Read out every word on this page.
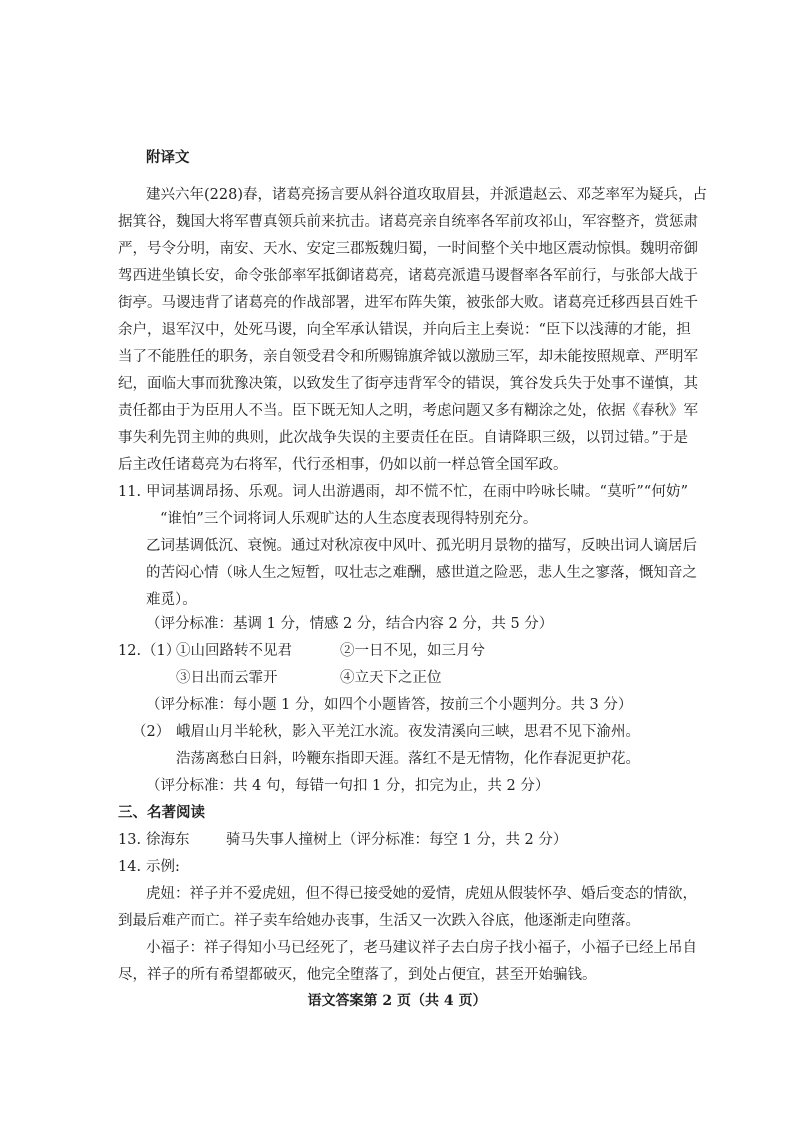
附译文
建兴六年(228)春，诸葛亮扬言要从斜谷道攻取眉县，并派遣赵云、邓芝率军为疑兵，占
据箕谷，魏国大将军曹真领兵前来抗击。诸葛亮亲自统率各军前攻祁山，军容整齐，赏惩肃
严，号令分明，南安、天水、安定三郡叛魏归蜀，一时间整个关中地区震动惊惧。魏明帝御
驾西进坐镇长安，命令张郃率军抵御诸葛亮，诸葛亮派遣马谡督率各军前行，与张郃大战于
街亭。马谡违背了诸葛亮的作战部署，进军布阵失策，被张郃大败。诸葛亮迁移西县百姓千
余户，退军汉中，处死马谡，向全军承认错误，并向后主上奏说：“臣下以浅薄的才能，担
当了不能胜任的职务，亲自领受君令和所赐锦旗斧钺以激励三军，却未能按照规章、严明军
纪，面临大事而犹豫决策，以致发生了街亭违背军令的错误，箕谷发兵失于处事不谨慎，其
责任都由于为臣用人不当。臣下既无知人之明，考虑问题又多有糊涂之处，依据《春秋》军
事失利先罚主帅的典则，此次战争失误的主要责任在臣。自请降职三级，以罚过错。”于是
后主改任诸葛亮为右将军，代行丞相事，仍如以前一样总管全国军政。
11. 甲词基调昂扬、乐观。词人出游遇雨，却不慌不忙，在雨中吟咏长啸。“莫听”“何妨”
“谁怕”三个词将词人乐观旷达的人生态度表现得特别充分。
乙词基调低沉、衰惋。通过对秋凉夜中风叶、孤光明月景物的描写，反映出词人谪居后
的苦闷心情（咏人生之短暂，叹壮志之难酬，感世道之险恶，悲人生之寥落，慨知音之
难觅）。
（评分标准：基调 1 分，情感 2 分，结合内容 2 分，共 5 分）
12. （1）
①山回路转不见君	②一日不见，如三月兮
③日出而云霏开	④立天下之正位
（评分标准：每小题 1 分，如四个小题皆答，按前三个小题判分。共 3 分）
（2） 峨眉山月半轮秋，影入平羌江水流。夜发清溪向三峡，思君不见下渝州。
浩荡离愁白日斜，吟鞭东指即天涯。落红不是无情物，化作春泥更护花。
（评分标准：共 4 句，每错一句扣 1 分，扣完为止，共 2 分）
三、名著阅读
13. 徐海东	骑马失事人撞树上（评分标准：每空 1 分，共 2 分）
14. 示例:
虎妞：祥子并不爱虎妞，但不得已接受她的爱情，虎妞从假装怀孕、婚后变态的情欲，
到最后难产而亡。祥子卖车给她办丧事，生活又一次跌入谷底，他逐渐走向堕落。
小福子：祥子得知小马已经死了，老马建议祥子去白房子找小福子，小福子已经上吊自
尽，祥子的所有希望都破灭，他完全堕落了，到处占便宜，甚至开始骗钱。
语文答案第 2 页（共 4 页）
